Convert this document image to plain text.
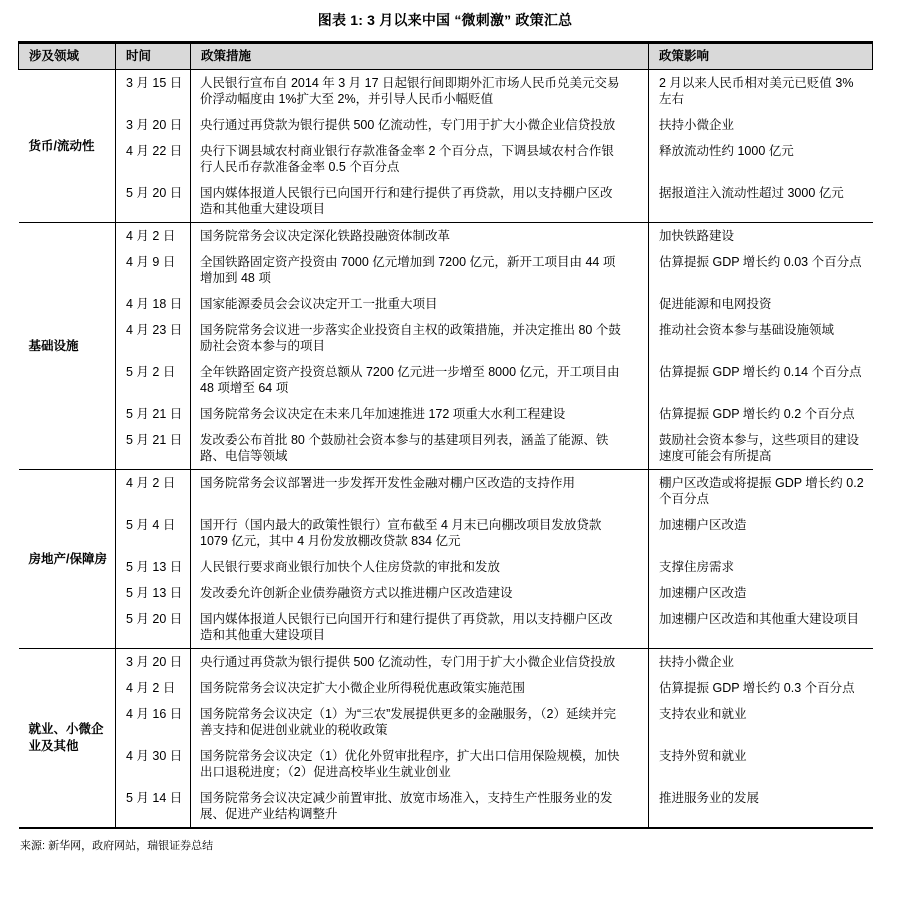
图表 1: 3 月以来中国 “微刺激” 政策汇总
涉及领域	时间	政策措施	政策影响
货币/流动性	3 月 15 日	人民银行宣布自 2014 年 3 月 17 日起银行间即期外汇市场人民币兑美元交易价浮动幅度由 1%扩大至 2%，并引导人民币小幅贬值	2 月以来人民币相对美元已贬值 3%左右
	3 月 20 日	央行通过再贷款为银行提供 500 亿流动性，专门用于扩大小微企业信贷投放	扶持小微企业
	4 月 22 日	央行下调县域农村商业银行存款准备金率 2 个百分点，下调县域农村合作银行人民币存款准备金率 0.5 个百分点	释放流动性约 1000 亿元
	5 月 20 日	国内媒体报道人民银行已向国开行和建行提供了再贷款，用以支持棚户区改造和其他重大建设项目	据报道注入流动性超过 3000 亿元
基础设施	4 月 2 日	国务院常务会议决定深化铁路投融资体制改革	加快铁路建设
	4 月 9 日	全国铁路固定资产投资由 7000 亿元增加到 7200 亿元，新开工项目由 44 项增加到 48 项	估算提振 GDP 增长约 0.03 个百分点
	4 月 18 日	国家能源委员会会议决定开工一批重大项目	促进能源和电网投资
	4 月 23 日	国务院常务会议进一步落实企业投资自主权的政策措施，并决定推出 80 个鼓励社会资本参与的项目	推动社会资本参与基础设施领域
	5 月 2 日	全年铁路固定资产投资总额从 7200 亿元进一步增至 8000 亿元，开工项目由 48 项增至 64 项	估算提振 GDP 增长约 0.14 个百分点
	5 月 21 日	国务院常务会议决定在未来几年加速推进 172 项重大水利工程建设	估算提振 GDP 增长约 0.2 个百分点
	5 月 21 日	发改委公布首批 80 个鼓励社会资本参与的基建项目列表，涵盖了能源、铁路、电信等领域	鼓励社会资本参与，这些项目的建设速度可能会有所提高
房地产/保障房	4 月 2 日	国务院常务会议部署进一步发挥开发性金融对棚户区改造的支持作用	棚户区改造或将提振 GDP 增长约 0.2 个百分点
	5 月 4 日	国开行（国内最大的政策性银行）宣布截至 4 月末已向棚改项目发放贷款 1079 亿元，其中 4 月份发放棚改贷款 834 亿元	加速棚户区改造
	5 月 13 日	人民银行要求商业银行加快个人住房贷款的审批和发放	支撑住房需求
	5 月 13 日	发改委允许创新企业债券融资方式以推进棚户区改造建设	加速棚户区改造
	5 月 20 日	国内媒体报道人民银行已向国开行和建行提供了再贷款，用以支持棚户区改造和其他重大建设项目	加速棚户区改造和其他重大建设项目
就业、小微企业及其他	3 月 20 日	央行通过再贷款为银行提供 500 亿流动性，专门用于扩大小微企业信贷投放	扶持小微企业
	4 月 2 日	国务院常务会议决定扩大小微企业所得税优惠政策实施范围	估算提振 GDP 增长约 0.3 个百分点
	4 月 16 日	国务院常务会议决定（1）为“三农”发展提供更多的金融服务，（2）延续并完善支持和促进创业就业的税收政策	支持农业和就业
	4 月 30 日	国务院常务会议决定（1）优化外贸审批程序，扩大出口信用保险规模，加快出口退税进度；（2）促进高校毕业生就业创业	支持外贸和就业
	5 月 14 日	国务院常务会议决定减少前置审批、放宽市场准入，支持生产性服务业的发展、促进产业结构调整升	推进服务业的发展
来源: 新华网，政府网站，瑞银证券总结
